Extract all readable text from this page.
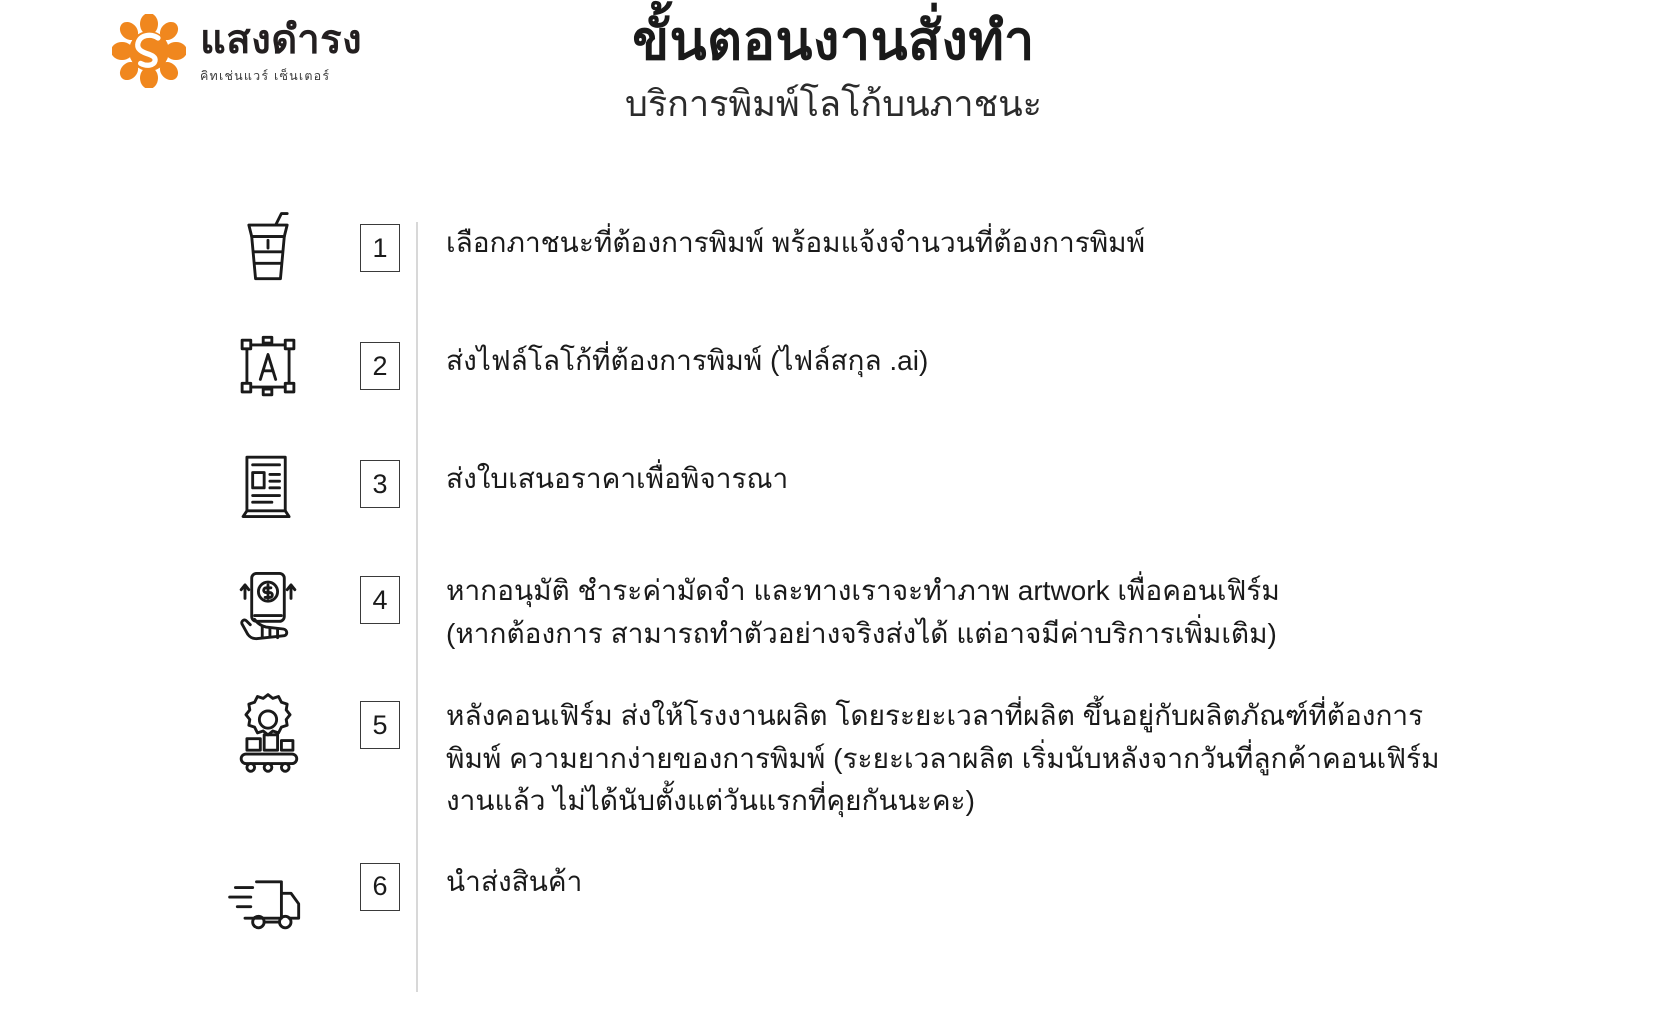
แสงดำรง
คิทเช่นแวร์ เซ็นเตอร์
ขั้นตอนงานสั่งทำ
บริการพิมพ์โลโก้บนภาชนะ
1	เลือกภาชนะที่ต้องการพิมพ์ พร้อมแจ้งจำนวนที่ต้องการพิมพ์
2	ส่งไฟล์โลโก้ที่ต้องการพิมพ์ (ไฟล์สกุล .ai)
3	ส่งใบเสนอราคาเพื่อพิจารณา
4	หากอนุมัติ ชำระค่ามัดจำ และทางเราจะทำภาพ artwork เพื่อคอนเฟิร์ม
(หากต้องการ สามารถทำตัวอย่างจริงส่งได้ แต่อาจมีค่าบริการเพิ่มเติม)
5	หลังคอนเฟิร์ม ส่งให้โรงงานผลิต โดยระยะเวลาที่ผลิต ขึ้นอยู่กับผลิตภัณฑ์ที่ต้องการ
พิมพ์ ความยากง่ายของการพิมพ์ (ระยะเวลาผลิต เริ่มนับหลังจากวันที่ลูกค้าคอนเฟิร์ม
งานแล้ว ไม่ได้นับตั้งแต่วันแรกที่คุยกันนะคะ)
6	นำส่งสินค้า
